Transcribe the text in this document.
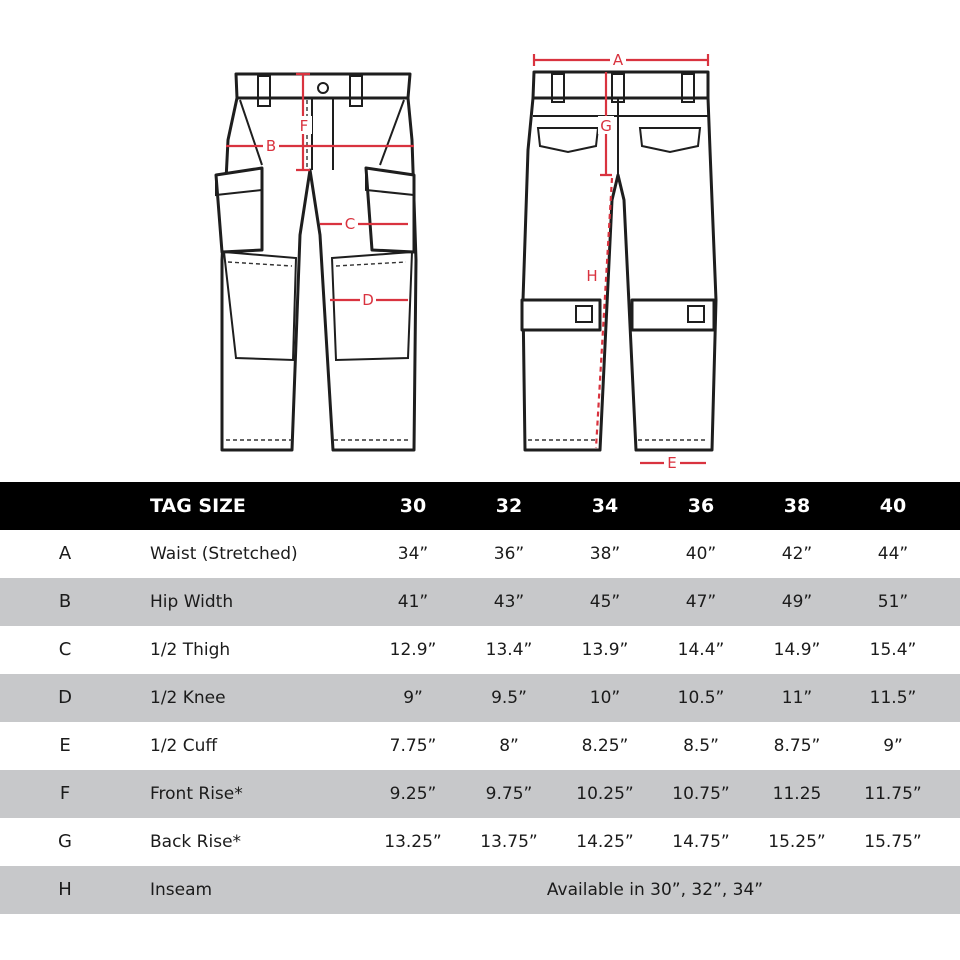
F
B
C
D
A
G
H
E
TAG SIZE	30	32	34	36	38	40
A	Waist (Stretched)	34”	36”	38”	40”	42”	44”
B	Hip Width	41”	43”	45”	47”	49”	51”
C	1/2 Thigh	12.9”	13.4”	13.9”	14.4”	14.9”	15.4”
D	1/2 Knee	9”	9.5”	10”	10.5”	11”	11.5”
E	1/2 Cuff	7.75”	8”	8.25”	8.5”	8.75”	9”
F	Front Rise*	9.25”	9.75”	10.25”	10.75”	11.25	11.75”
G	Back Rise*	13.25”	13.75”	14.25”	14.75”	15.25”	15.75”
H	Inseam	Available in 30”, 32”, 34”
